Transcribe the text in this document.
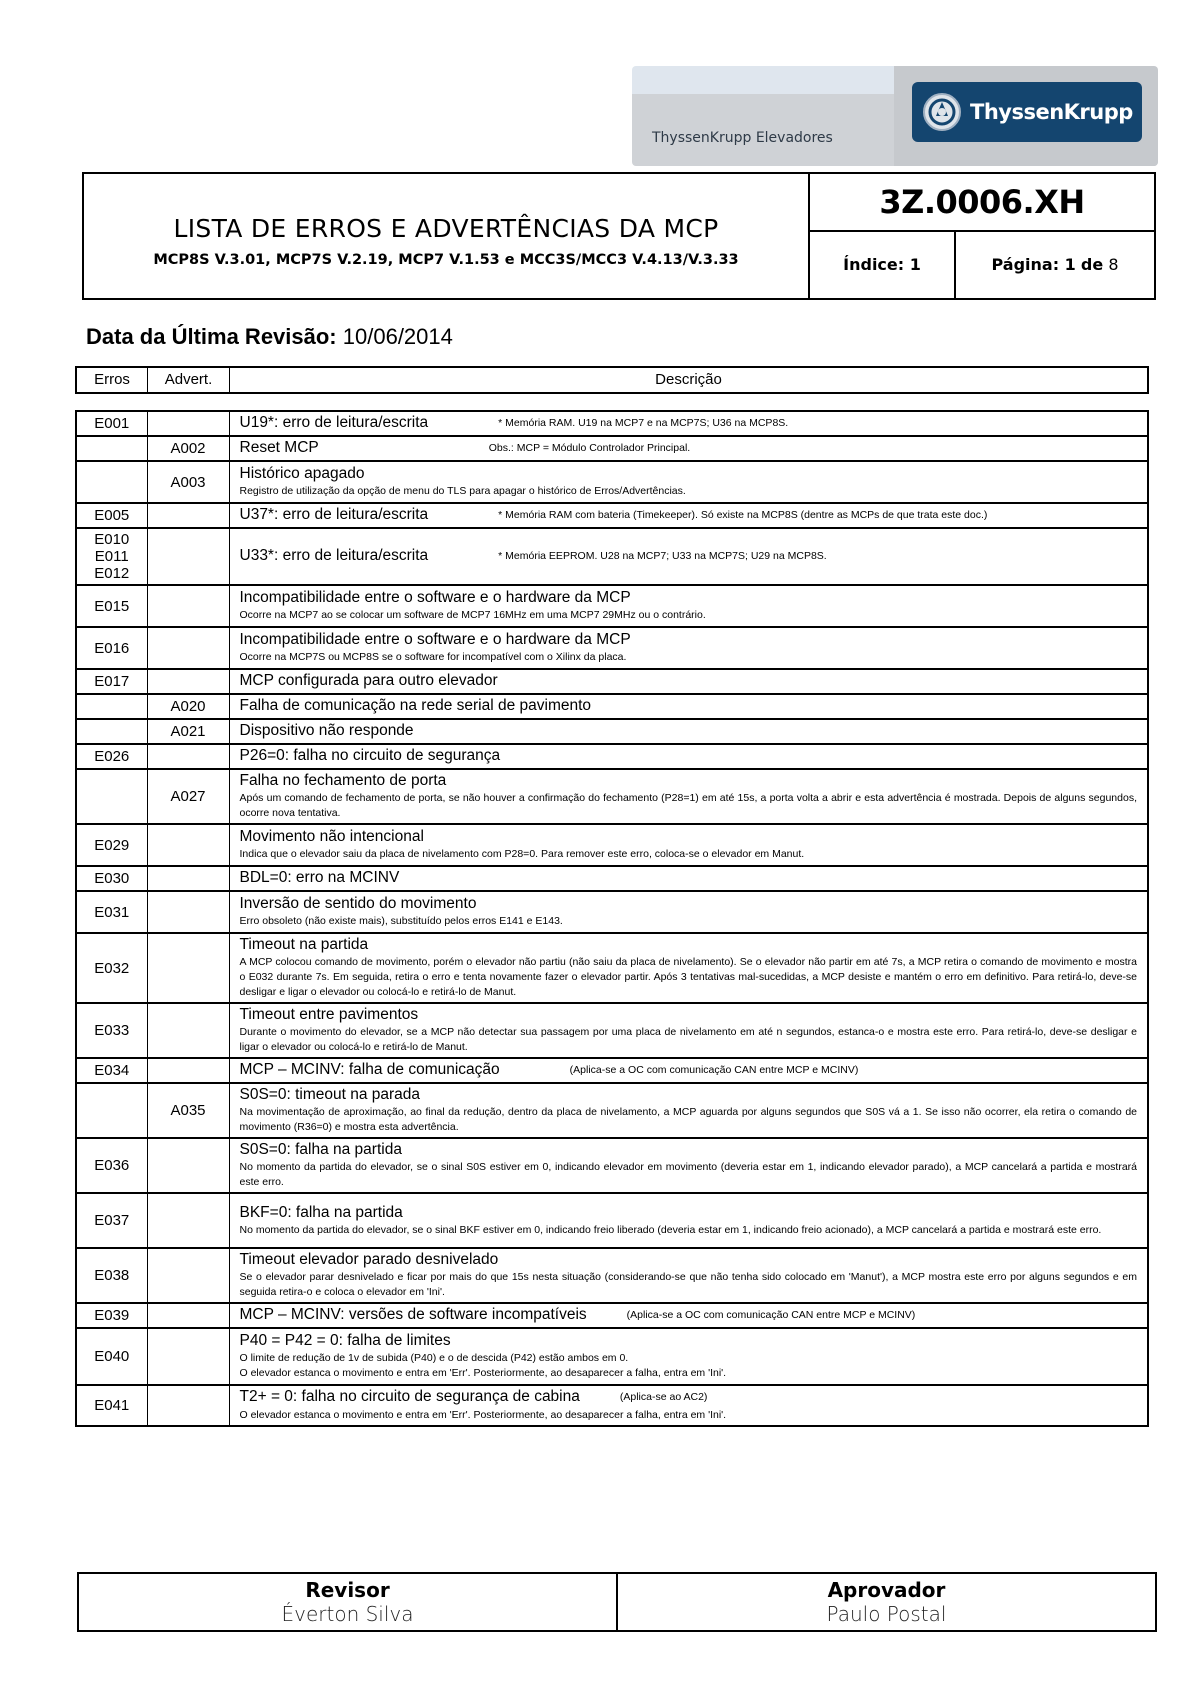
ThyssenKrupp Elevadores
ThyssenKrupp
LISTA DE ERROS E ADVERTÊNCIAS DA MCP
MCP8S V.3.01, MCP7S V.2.19, MCP7 V.1.53 e MCC3S/MCC3 V.4.13/V.3.33
3Z.0006.XH
Índice: 1	Página: 1 de 8
Data da Última Revisão: 10/06/2014
Erros	Advert.	Descrição
E001		U19*: erro de leitura/escrita * Memória RAM. U19 na MCP7 e na MCP7S; U36 na MCP8S.

	A002	Reset MCP Obs.: MCP = Módulo Controlador Principal.

	A003	Histórico apagado
Registro de utilização da opção de menu do TLS para apagar o histórico de Erros/Advertências.

E005		U37*: erro de leitura/escrita * Memória RAM com bateria (Timekeeper). Só existe na MCP8S (dentre as MCPs de que trata este doc.)

E010
E011
E012		U33*: erro de leitura/escrita * Memória EEPROM. U28 na MCP7; U33 na MCP7S; U29 na MCP8S.

E015		Incompatibilidade entre o software e o hardware da MCP
Ocorre na MCP7 ao se colocar um software de MCP7 16MHz em uma MCP7 29MHz ou o contrário.

E016		Incompatibilidade entre o software e o hardware da MCP
Ocorre na MCP7S ou MCP8S se o software for incompatível com o Xilinx da placa.

E017		MCP configurada para outro elevador

	A020	Falha de comunicação na rede serial de pavimento

	A021	Dispositivo não responde

E026		P26=0: falha no circuito de segurança

	A027	Falha no fechamento de porta
Após um comando de fechamento de porta, se não houver a confirmação do fechamento (P28=1) em até 15s, a porta volta a abrir e esta advertência é mostrada. Depois de alguns segundos, ocorre nova tentativa.

E029		Movimento não intencional
Indica que o elevador saiu da placa de nivelamento com P28=0. Para remover este erro, coloca-se o elevador em Manut.

E030		BDL=0: erro na MCINV

E031		Inversão de sentido do movimento
Erro obsoleto (não existe mais), substituído pelos erros E141 e E143.

E032		Timeout na partida
A MCP colocou comando de movimento, porém o elevador não partiu (não saiu da placa de nivelamento). Se o elevador não partir em até 7s, a MCP retira o comando de movimento e mostra o E032 durante 7s. Em seguida, retira o erro e tenta novamente fazer o elevador partir. Após 3 tentativas mal-sucedidas, a MCP desiste e mantém o erro em definitivo. Para retirá-lo, deve-se desligar e ligar o elevador ou colocá-lo e retirá-lo de Manut.

E033		Timeout entre pavimentos
Durante o movimento do elevador, se a MCP não detectar sua passagem por uma placa de nivelamento em até n segundos, estanca-o e mostra este erro. Para retirá-lo, deve-se desligar e ligar o elevador ou colocá-lo e retirá-lo de Manut.

E034		MCP – MCINV: falha de comunicação (Aplica-se a OC com comunicação CAN entre MCP e MCINV)

	A035	S0S=0: timeout na parada
Na movimentação de aproximação, ao final da redução, dentro da placa de nivelamento, a MCP aguarda por alguns segundos que S0S vá a 1. Se isso não ocorrer, ela retira o comando de movimento (R36=0) e mostra esta advertência.

E036		S0S=0: falha na partida
No momento da partida do elevador, se o sinal S0S estiver em 0, indicando elevador em movimento (deveria estar em 1, indicando elevador parado), a MCP cancelará a partida e mostrará este erro.

E037		BKF=0: falha na partida
No momento da partida do elevador, se o sinal BKF estiver em 0, indicando freio liberado (deveria estar em 1, indicando freio acionado), a MCP cancelará a partida e mostrará este erro.

E038		Timeout elevador parado desnivelado
Se o elevador parar desnivelado e ficar por mais do que 15s nesta situação (considerando-se que não tenha sido colocado em 'Manut'), a MCP mostra este erro por alguns segundos e em seguida retira-o e coloca o elevador em 'Ini'.

E039		MCP – MCINV: versões de software incompatíveis (Aplica-se a OC com comunicação CAN entre MCP e MCINV)

E040		P40 = P42 = 0: falha de limites
O limite de redução de 1v de subida (P40) e o de descida (P42) estão ambos em 0.
O elevador estanca o movimento e entra em 'Err'. Posteriormente, ao desaparecer a falha, entra em 'Ini'.

E041		T2+ = 0: falha no circuito de segurança de cabina (Aplica-se ao AC2)
O elevador estanca o movimento e entra em 'Err'. Posteriormente, ao desaparecer a falha, entra em 'Ini'.
Revisor
Éverton Silva
Aprovador
Paulo Postal
